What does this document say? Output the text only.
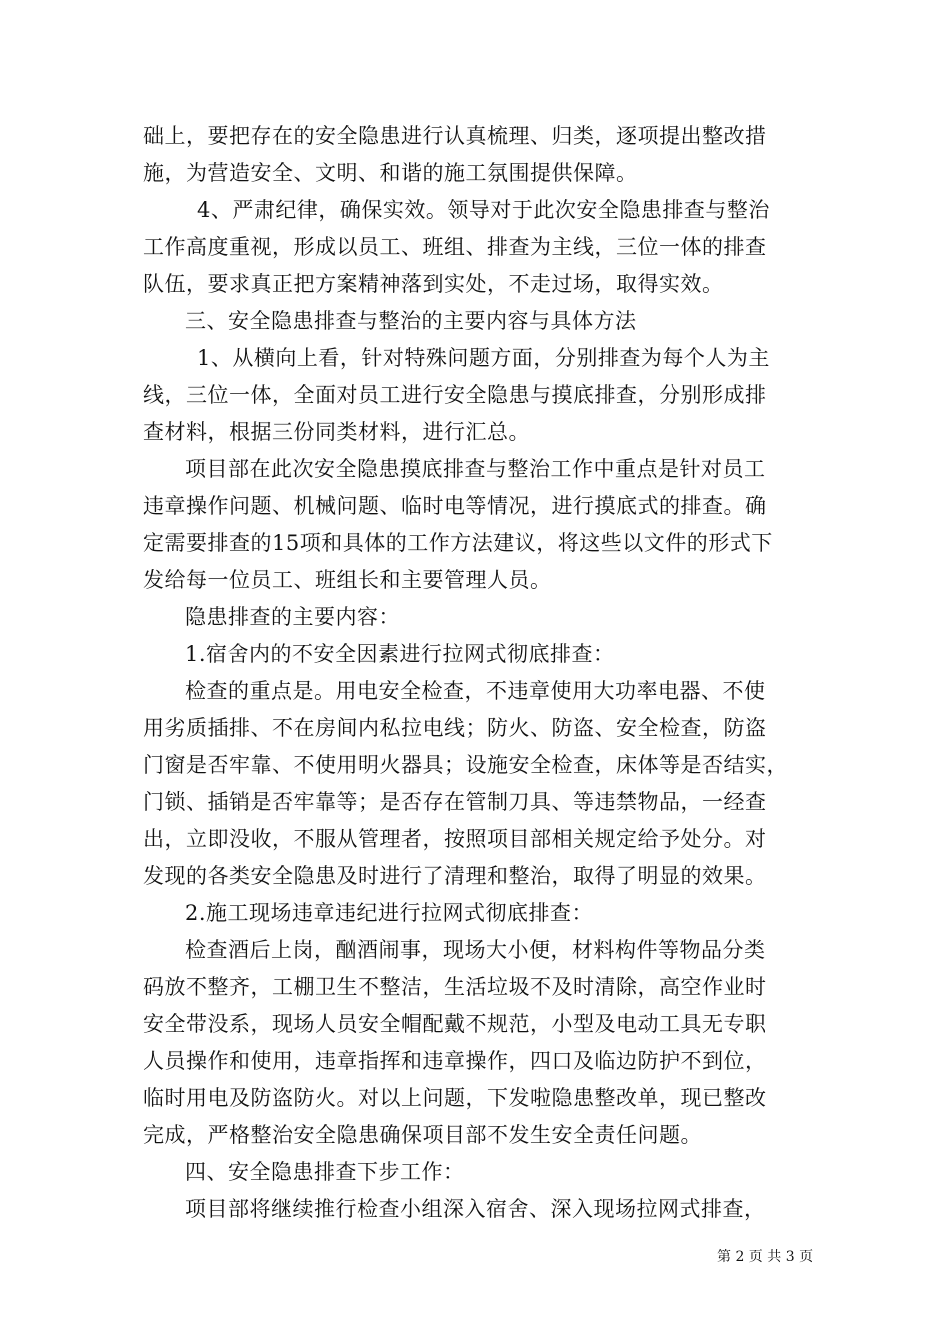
础上，要把存在的安全隐患进行认真梳理、归类，逐项提出整改措
施，为营造安全、文明、和谐的施工氛围提供保障。
4、严肃纪律，确保实效。领导对于此次安全隐患排查与整治
工作高度重视，形成以员工、班组、排查为主线，三位一体的排查
队伍，要求真正把方案精神落到实处，不走过场，取得实效。
三、安全隐患排查与整治的主要内容与具体方法
1、从横向上看，针对特殊问题方面，分别排查为每个人为主
线，三位一体，全面对员工进行安全隐患与摸底排查，分别形成排
查材料，根据三份同类材料，进行汇总。
项目部在此次安全隐患摸底排查与整治工作中重点是针对员工
违章操作问题、机械问题、临时电等情况，进行摸底式的排查。确
定需要排查的15项和具体的工作方法建议，将这些以文件的形式下
发给每一位员工、班组长和主要管理人员。
隐患排查的主要内容：
1.宿舍内的不安全因素进行拉网式彻底排查：
检查的重点是。用电安全检查，不违章使用大功率电器、不使
用劣质插排、不在房间内私拉电线；防火、防盗、安全检查，防盗
门窗是否牢靠、不使用明火器具；设施安全检查，床体等是否结实，
门锁、插销是否牢靠等；是否存在管制刀具、等违禁物品，一经查
出，立即没收，不服从管理者，按照项目部相关规定给予处分。对
发现的各类安全隐患及时进行了清理和整治，取得了明显的效果。
2.施工现场违章违纪进行拉网式彻底排查：
检查酒后上岗，酗酒闹事，现场大小便，材料构件等物品分类
码放不整齐，工棚卫生不整洁，生活垃圾不及时清除，高空作业时
安全带没系，现场人员安全帽配戴不规范，小型及电动工具无专职
人员操作和使用，违章指挥和违章操作，四口及临边防护不到位，
临时用电及防盗防火。对以上问题，下发啦隐患整改单，现已整改
完成，严格整治安全隐患确保项目部不发生安全责任问题。
四、安全隐患排查下步工作：
项目部将继续推行检查小组深入宿舍、深入现场拉网式排查，
第 2 页 共 3 页
